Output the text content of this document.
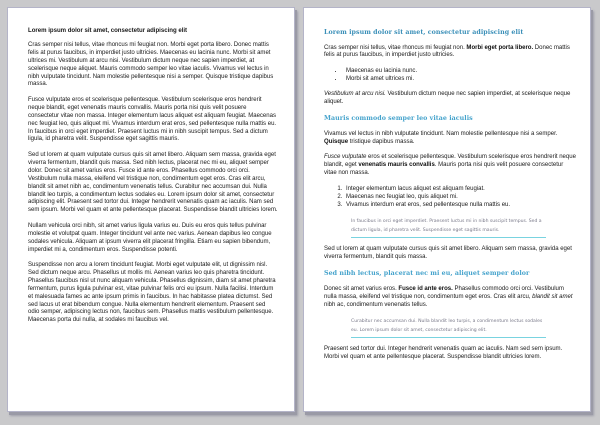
Lorem ipsum dolor sit amet, consectetur adipiscing elit

Cras semper nisi tellus, vitae rhoncus mi feugiat non. Morbi eget porta libero. Donec mattis felis at purus faucibus, in imperdiet justo ultricies. Maecenas eu lacinia nunc. Morbi sit amet ultrices mi. Vestibulum at arcu nisi. Vestibulum dictum neque nec sapien imperdiet, at scelerisque neque aliquet. Mauris commodo semper leo vitae iaculis. Vivamus vel lectus in nibh vulputate tincidunt. Nam molestie pellentesque nisi a semper. Quisque tristique dapibus massa.

Fusce vulputate eros et scelerisque pellentesque. Vestibulum scelerisque eros hendrerit neque blandit, eget venenatis mauris convallis. Mauris porta nisi quis velit posuere consectetur vitae non massa. Integer elementum lacus aliquet est aliquam feugiat. Maecenas nec feugiat leo, quis aliquet mi. Vivamus interdum erat eros, sed pellentesque nulla mattis eu. In faucibus in orci eget imperdiet. Praesent luctus mi in nibh suscipit tempus. Sed a dictum ligula, id pharetra velit. Suspendisse eget sagittis mauris.

Sed ut lorem at quam vulputate cursus quis sit amet libero. Aliquam sem massa, gravida eget viverra fermentum, blandit quis massa. Sed nibh lectus, placerat nec mi eu, aliquet semper dolor. Donec sit amet varius eros. Fusce id ante eros. Phasellus commodo orci orci. Vestibulum nulla massa, eleifend vel tristique non, condimentum eget eros. Cras elit arcu, blandit sit amet nibh ac, condimentum venenatis tellus. Curabitur nec accumsan dui. Nulla blandit leo turpis, a condimentum lectus sodales eu. Lorem ipsum dolor sit amet, consectetur adipiscing elit. Praesent sed tortor dui. Integer hendrerit venenatis quam ac iaculis. Nam sed sem ipsum. Morbi vel quam et ante pellentesque placerat. Suspendisse blandit ultricies lorem.

Nullam vehicula orci nibh, sit amet varius ligula varius eu. Duis eu eros quis tellus pulvinar molestie et volutpat quam. Integer tincidunt vel ante nec varius. Aenean dapibus leo congue sodales vehicula. Aliquam at ipsum viverra elit placerat fringilla. Etiam eu sapien bibendum, imperdiet mi a, condimentum eros. Suspendisse potenti.

Suspendisse non arcu a lorem tincidunt feugiat. Morbi eget vulputate elit, ut dignissim nisl. Sed dictum neque arcu. Phasellus ut mollis mi. Aenean varius leo quis pharetra tincidunt. Phasellus faucibus nisl ut nunc aliquam vehicula. Phasellus dignissim, diam sit amet pharetra fermentum, purus ligula pulvinar est, vitae pulvinar felis orci eu ipsum. Nulla facilisi. Interdum et malesuada fames ac ante ipsum primis in faucibus. In hac habitasse platea dictumst. Sed sed lacus ut erat bibendum congue. Nulla elementum hendrerit elementum. Praesent sed odio semper, adipiscing lectus non, faucibus sem. Phasellus mattis vestibulum pellentesque. Maecenas porta dui nulla, at sodales mi faucibus vel.

Lorem ipsum dolor sit amet, consectetur adipiscing elit

Cras semper nisi tellus, vitae rhoncus mi feugiat non. Morbi eget porta libero. Donec mattis felis at purus faucibus, in imperdiet justo ultricies.

• Maecenas eu lacinia nunc.
• Morbi sit amet ultrices mi.

Vestibulum at arcu nisi. Vestibulum dictum neque nec sapien imperdiet, at scelerisque neque aliquet.

Mauris commodo semper leo vitae iaculis

Vivamus vel lectus in nibh vulputate tincidunt. Nam molestie pellentesque nisi a semper. Quisque tristique dapibus massa.

Fusce vulputate eros et scelerisque pellentesque. Vestibulum scelerisque eros hendrerit neque blandit, eget venenatis mauris convallis. Mauris porta nisi quis velit posuere consectetur vitae non massa.

1. Integer elementum lacus aliquet est aliquam feugiat.
2. Maecenas nec feugiat leo, quis aliquet mi.
3. Vivamus interdum erat eros, sed pellentesque nulla mattis eu.
In faucibus in orci eget imperdiet. Praesent luctus mi in nibh suscipit tempus. Sed a dictum ligula, id pharetra velit. Suspendisse eget sagittis mauris.

Sed ut lorem at quam vulputate cursus quis sit amet libero. Aliquam sem massa, gravida eget viverra fermentum, blandit quis massa.

Sed nibh lectus, placerat nec mi eu, aliquet semper dolor

Donec sit amet varius eros. Fusce id ante eros. Phasellus commodo orci orci. Vestibulum nulla massa, eleifend vel tristique non, condimentum eget eros. Cras elit arcu, blandit sit amet nibh ac, condimentum venenatis tellus.

Curabitur nec accumsan dui. Nulla blandit leo turpis, a condimentum lectus sodales eu. Lorem ipsum dolor sit amet, consectetur adipiscing elit.

Praesent sed tortor dui. Integer hendrerit venenatis quam ac iaculis. Nam sed sem ipsum. Morbi vel quam et ante pellentesque placerat. Suspendisse blandit ultricies lorem.
